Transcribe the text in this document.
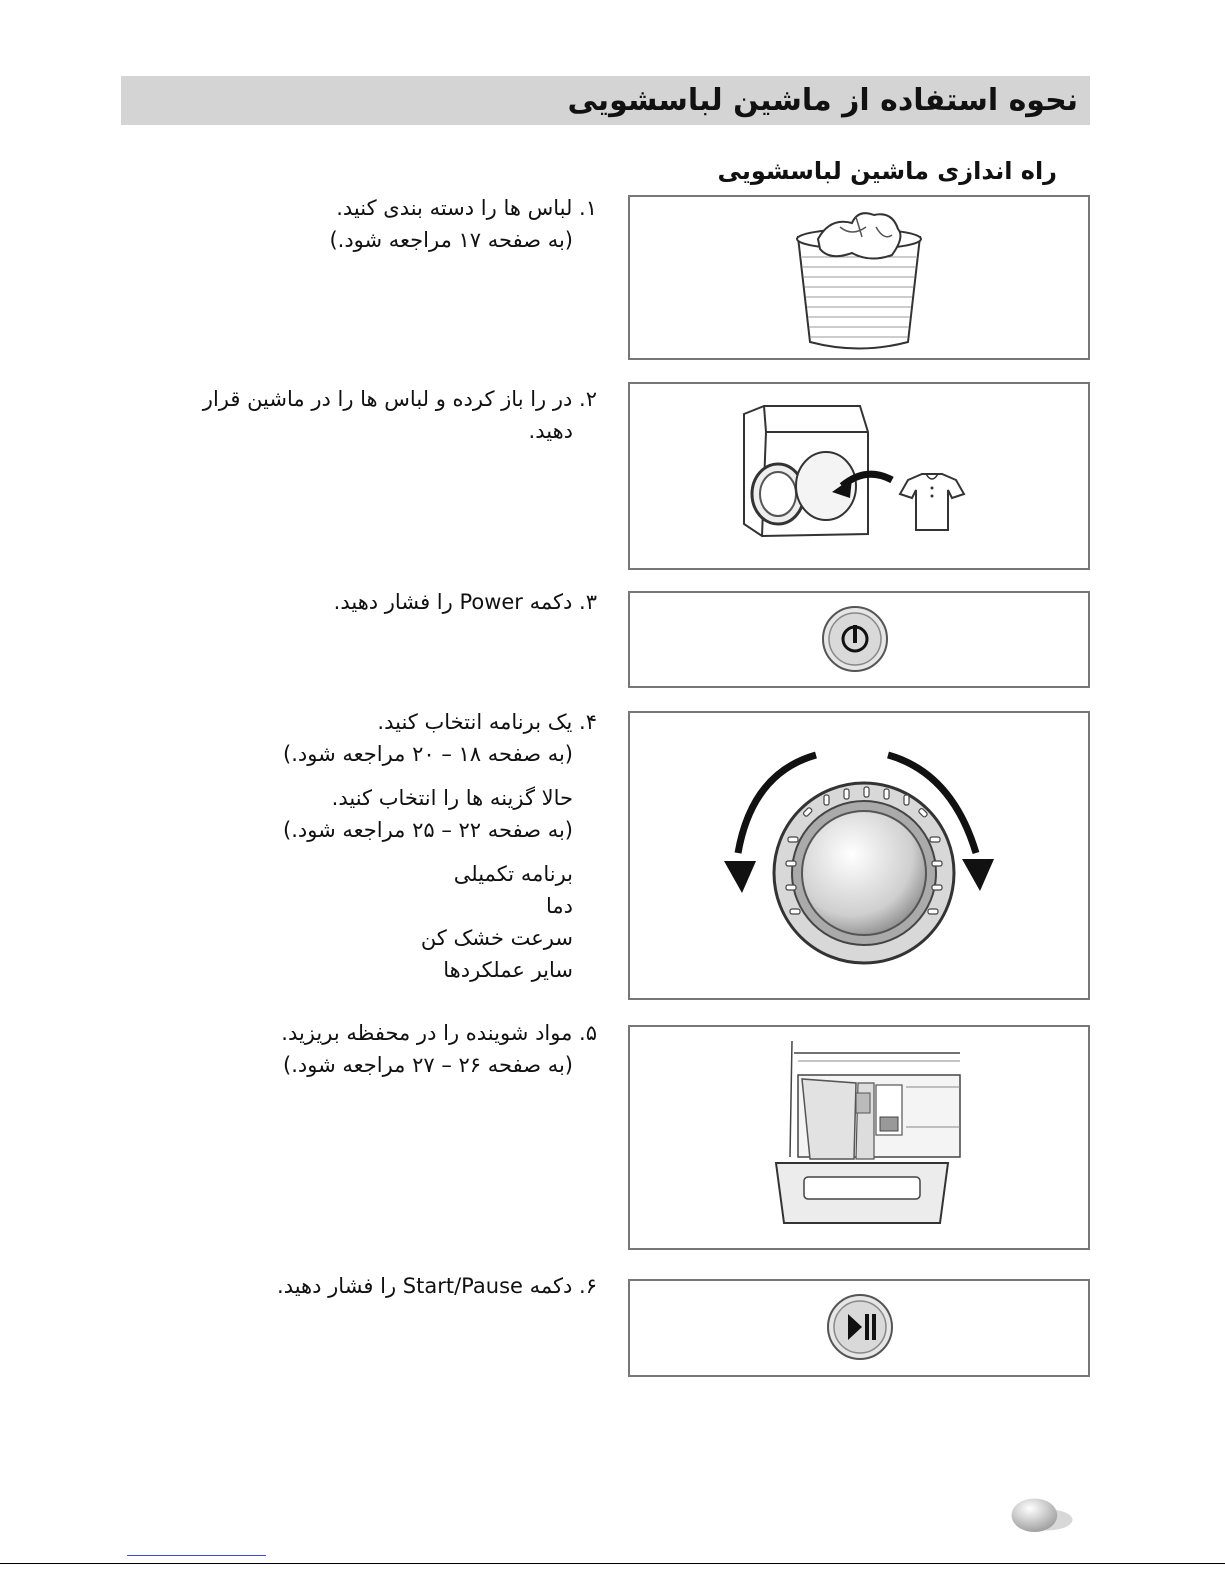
نحوه استفاده از ماشین لباسشویی
راه اندازی ماشین لباسشویی

۱. لباس ها را دسته بندی کنید.

(به صفحه ۱۷ مراجعه شود.)

۲. در را باز کرده و لباس ها را در ماشین قرار

دهید.

۳. دکمه Power را فشار دهید.

۴. یک برنامه انتخاب کنید.

(به صفحه ۱۸ – ۲۰ مراجعه شود.)

حالا گزینه ها را انتخاب کنید.

(به صفحه ۲۲ – ۲۵ مراجعه شود.)

برنامه تکمیلی

دما

سرعت خشک کن

سایر عملکردها

۵. مواد شوینده را در محفظه بریزید.

(به صفحه ۲۶ – ۲۷ مراجعه شود.)

۶. دکمه Start/Pause را فشار دهید.
